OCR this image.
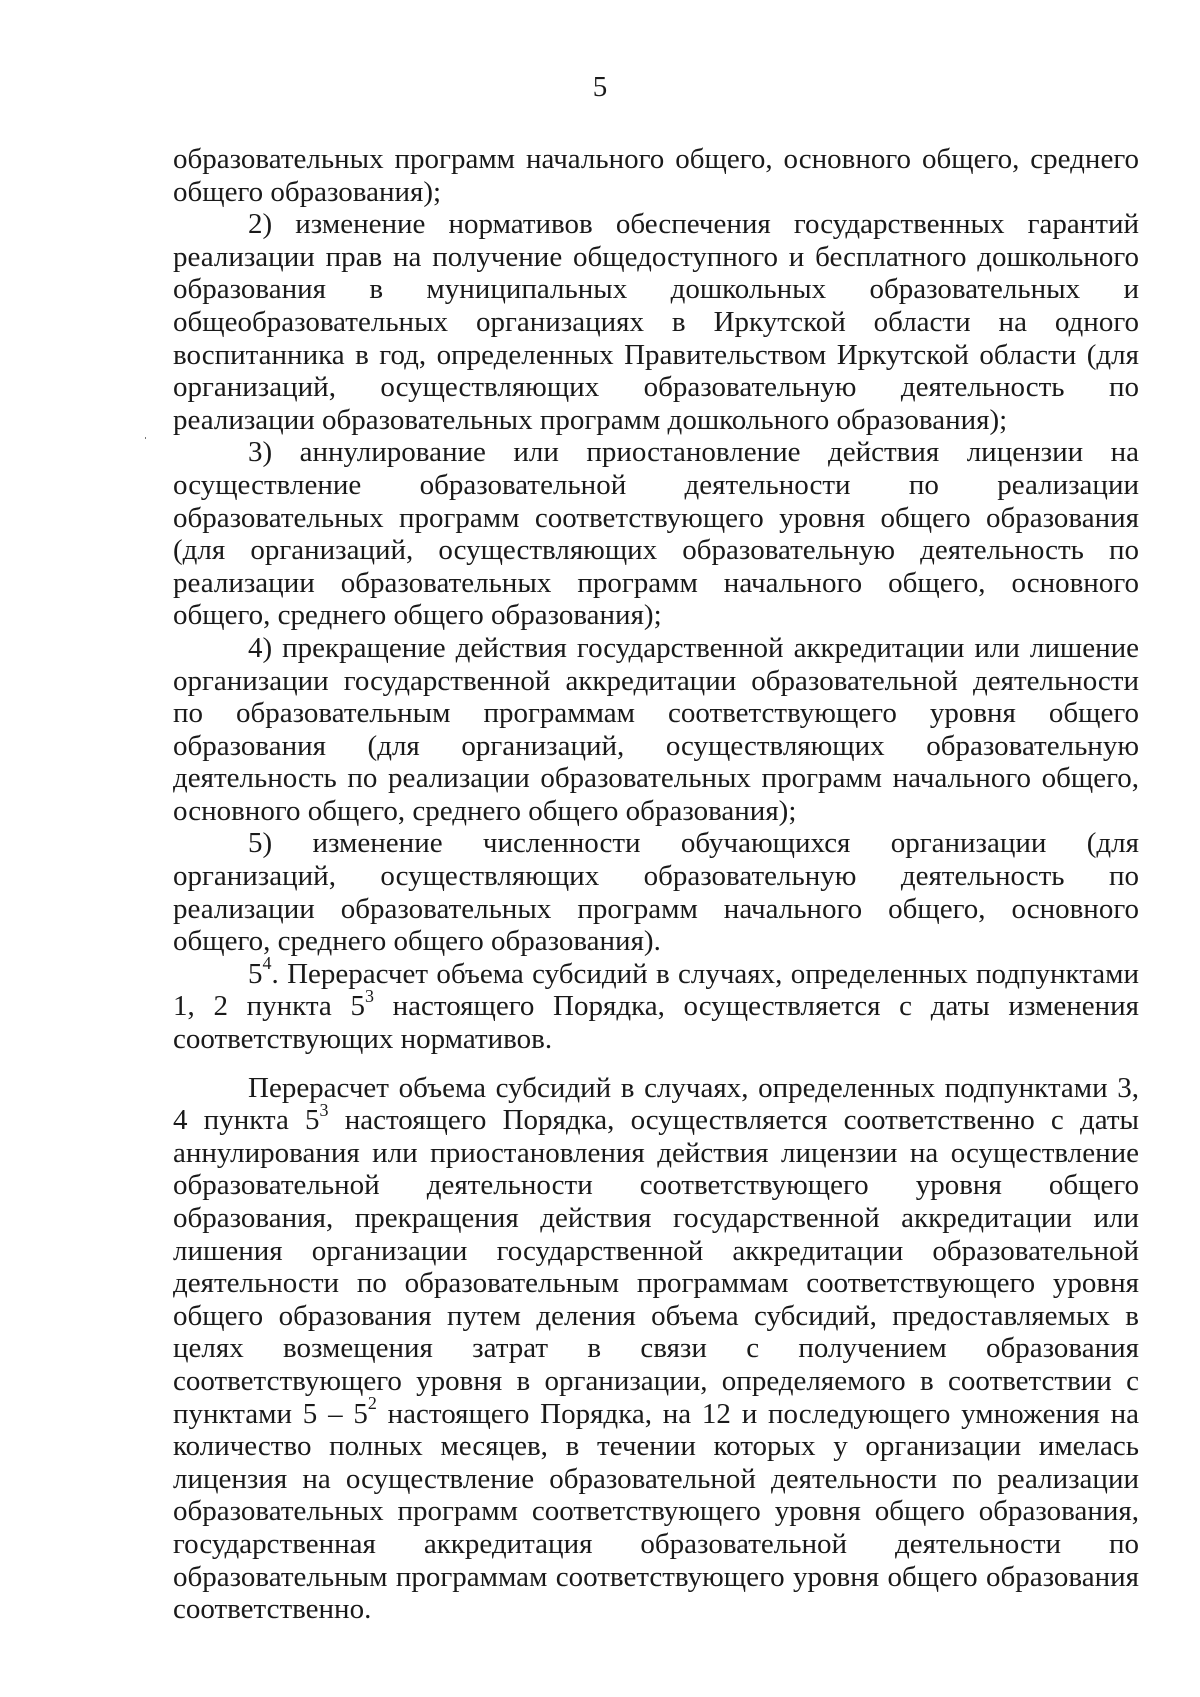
5

образовательных программ начального общего, основного общего, среднего общего образования);

2) изменение нормативов обеспечения государственных гарантий реализации прав на получение общедоступного и бесплатного дошкольного образования в муниципальных дошкольных образовательных и общеобразовательных организациях в Иркутской области на одного воспитанника в год, определенных Правительством Иркутской области (для организаций, осуществляющих образовательную деятельность по реализации образовательных программ дошкольного образования);

3) аннулирование или приостановление действия лицензии на осуществление образовательной деятельности по реализации образовательных программ соответствующего уровня общего образования (для организаций, осуществляющих образовательную деятельность по реализации образовательных программ начального общего, основного общего, среднего общего образования);

4) прекращение действия государственной аккредитации или лишение организации государственной аккредитации образовательной деятельности по образовательным программам соответствующего уровня общего образования (для организаций, осуществляющих образовательную деятельность по реализации образовательных программ начального общего, основного общего, среднего общего образования);

5) изменение численности обучающихся организации (для организаций, осуществляющих образовательную деятельность по реализации образовательных программ начального общего, основного общего, среднего общего образования).

$5^4$. Перерасчет объема субсидий в случаях, определенных подпунктами 1, 2 пункта $5^3$ настоящего Порядка, осуществляется с даты изменения соответствующих нормативов.

Перерасчет объема субсидий в случаях, определенных подпунктами 3, 4 пункта $5^3$ настоящего Порядка, осуществляется соответственно с даты аннулирования или приостановления действия лицензии на осуществление образовательной деятельности соответствующего уровня общего образования, прекращения действия государственной аккредитации или лишения организации государственной аккредитации образовательной деятельности по образовательным программам соответствующего уровня общего образования путем деления объема субсидий, предоставляемых в целях возмещения затрат в связи с получением образования соответствующего уровня в организации, определяемого в соответствии с пунктами $5 - 5^2$ настоящего Порядка, на 12 и последующего умножения на количество полных месяцев, в течении которых у организации имелась лицензия на осуществление образовательной деятельности по реализации образовательных программ соответствующего уровня общего образования, государственная аккредитация образовательной деятельности по образовательным программам соответствующего уровня общего образования соответственно.
